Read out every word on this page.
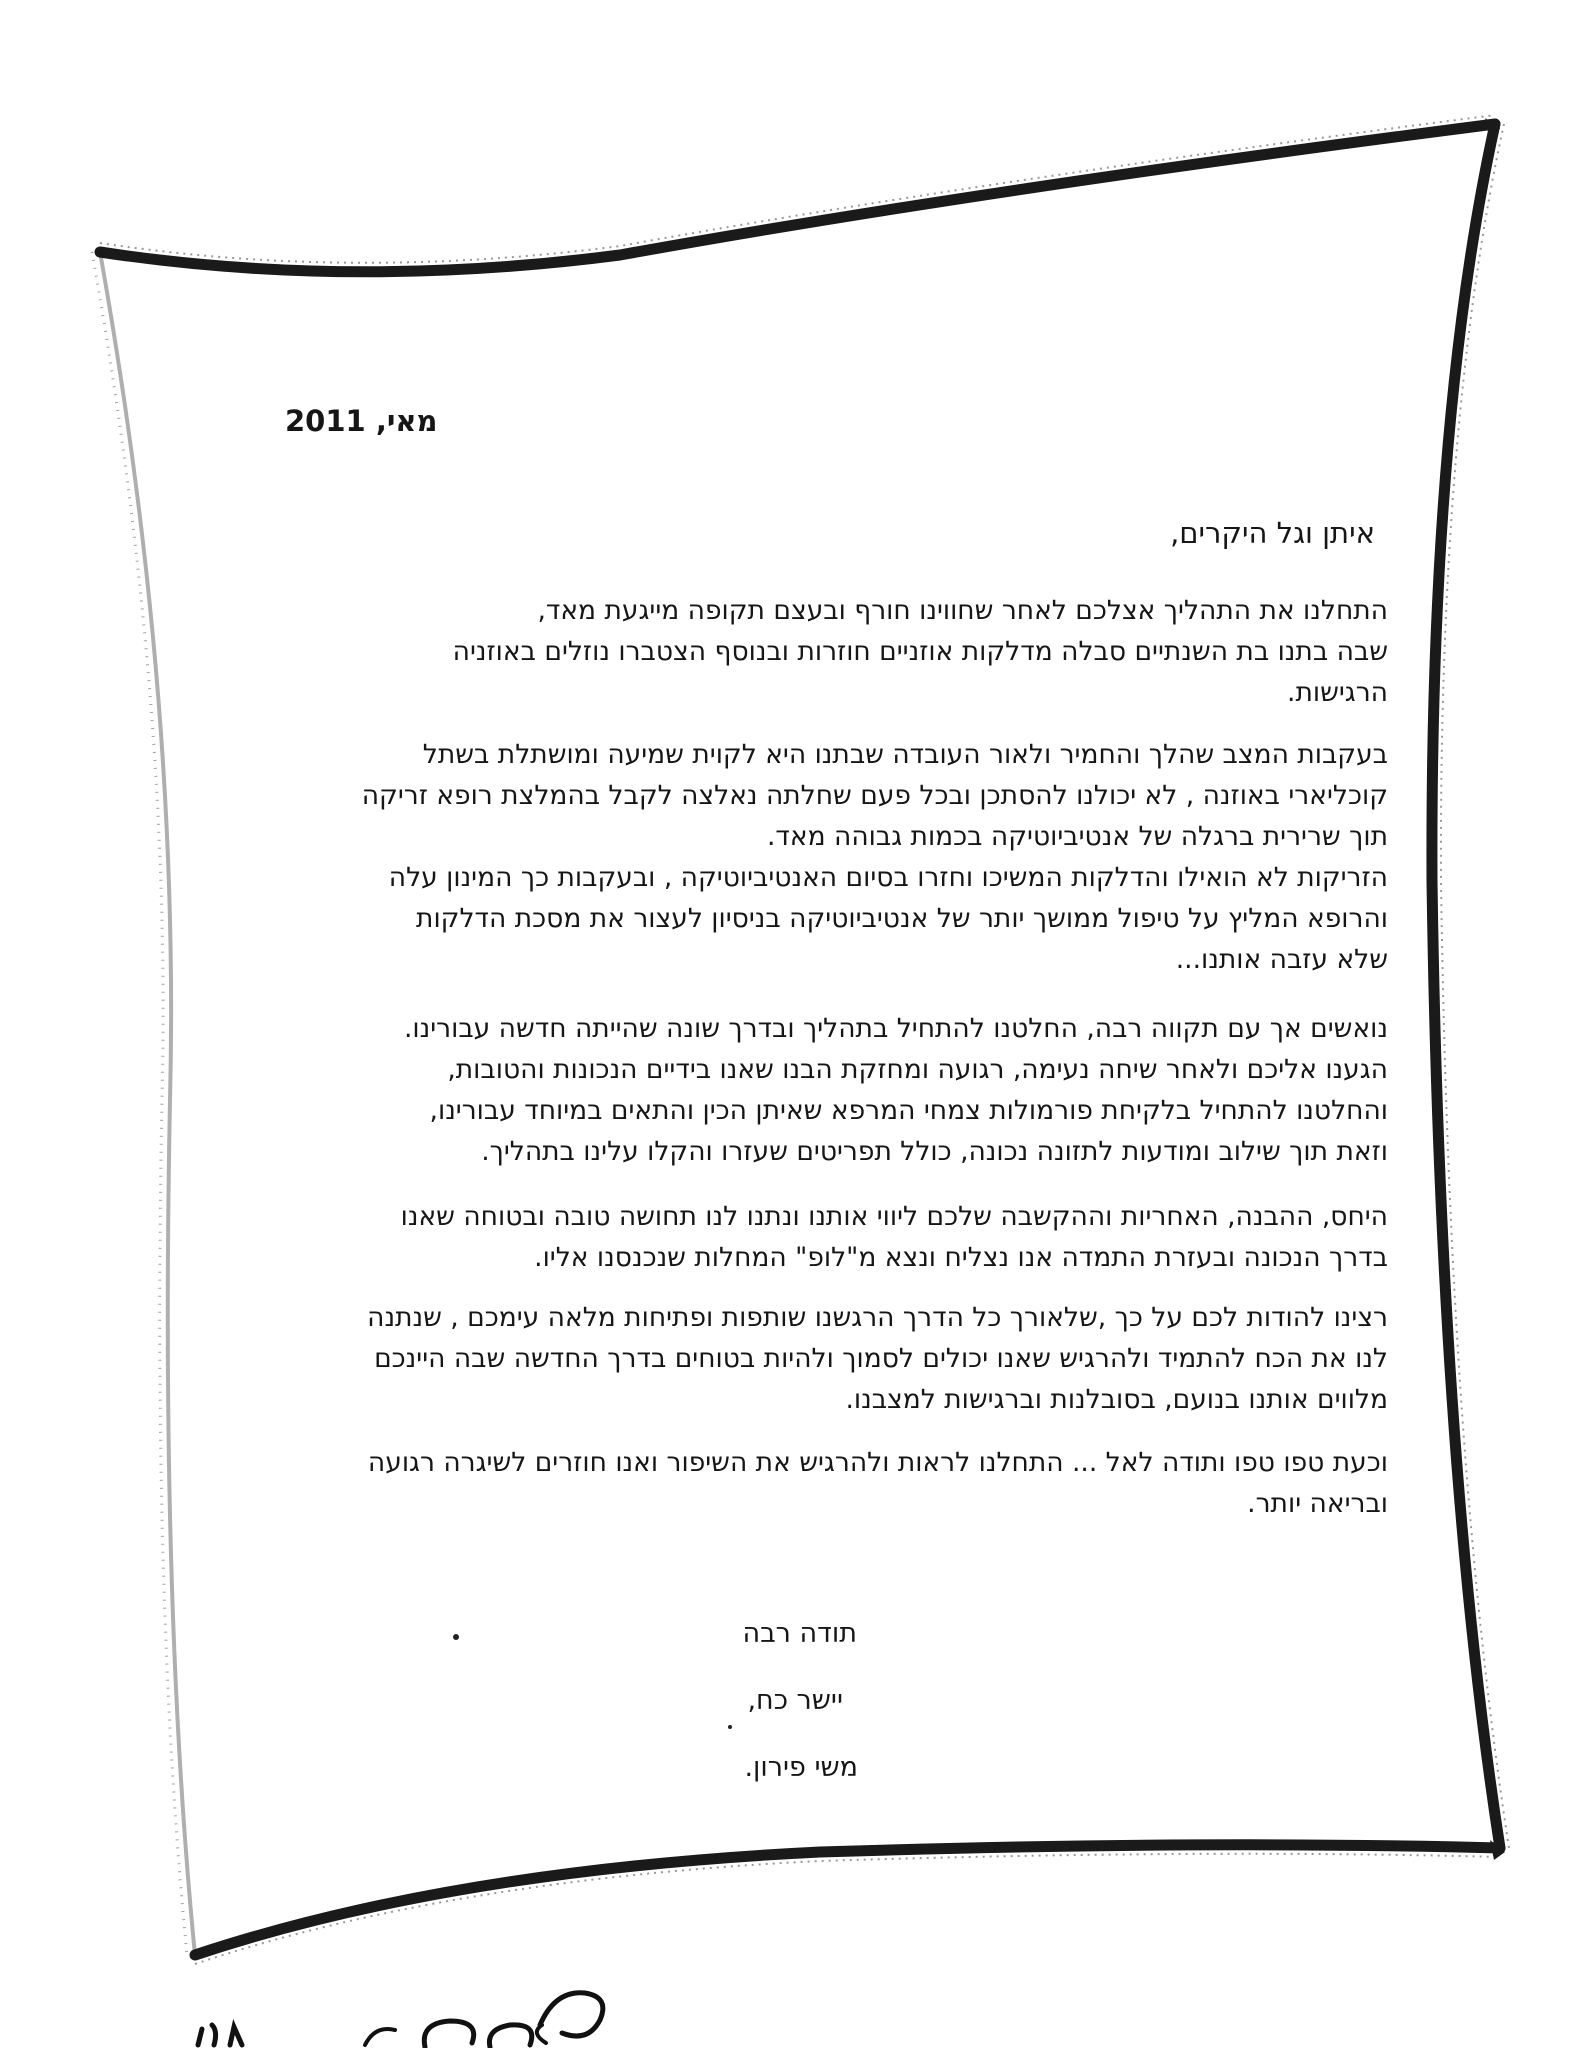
מאי, 2011
איתן וגל היקרים,
התחלנו את התהליך אצלכם לאחר שחווינו חורף ובעצם תקופה מייגעת מאד,
שבה בתנו בת השנתיים סבלה מדלקות אוזניים חוזרות ובנוסף הצטברו נוזלים באוזניה
הרגישות.
בעקבות המצב שהלך והחמיר ולאור העובדה שבתנו היא לקוית שמיעה ומושתלת בשתל
קוכליארי באוזנה , לא יכולנו להסתכן ובכל פעם שחלתה נאלצה לקבל בהמלצת רופא זריקה
תוך שרירית ברגלה של אנטיביוטיקה בכמות גבוהה מאד.
הזריקות לא הואילו והדלקות המשיכו וחזרו בסיום האנטיביוטיקה , ובעקבות כך המינון עלה
והרופא המליץ על טיפול ממושך יותר של אנטיביוטיקה בניסיון לעצור את מסכת הדלקות
שלא עזבה אותנו...
נואשים אך עם תקווה רבה, החלטנו להתחיל בתהליך ובדרך שונה שהייתה חדשה עבורינו.
הגענו אליכם ולאחר שיחה נעימה, רגועה ומחזקת הבנו שאנו בידיים הנכונות והטובות,
והחלטנו להתחיל בלקיחת פורמולות צמחי המרפא שאיתן הכין והתאים במיוחד עבורינו,
וזאת תוך שילוב ומודעות לתזונה נכונה, כולל תפריטים שעזרו והקלו עלינו בתהליך.
היחס, ההבנה, האחריות וההקשבה שלכם ליווי אותנו ונתנו לנו תחושה טובה ובטוחה שאנו
בדרך הנכונה ובעזרת התמדה אנו נצליח ונצא מ"לופ" המחלות שנכנסנו אליו.
רצינו להודות לכם על כך ,שלאורך כל הדרך הרגשנו שותפות ופתיחות מלאה עימכם , שנתנה
לנו את הכח להתמיד ולהרגיש שאנו יכולים לסמוך ולהיות בטוחים בדרך החדשה שבה היינכם
מלווים אותנו בנועם, בסובלנות וברגישות למצבנו.
וכעת טפו טפו ותודה לאל ... התחלנו לראות ולהרגיש את השיפור ואנו חוזרים לשיגרה רגועה
ובריאה יותר.
תודה רבה
יישר כח,
משי פירון.
